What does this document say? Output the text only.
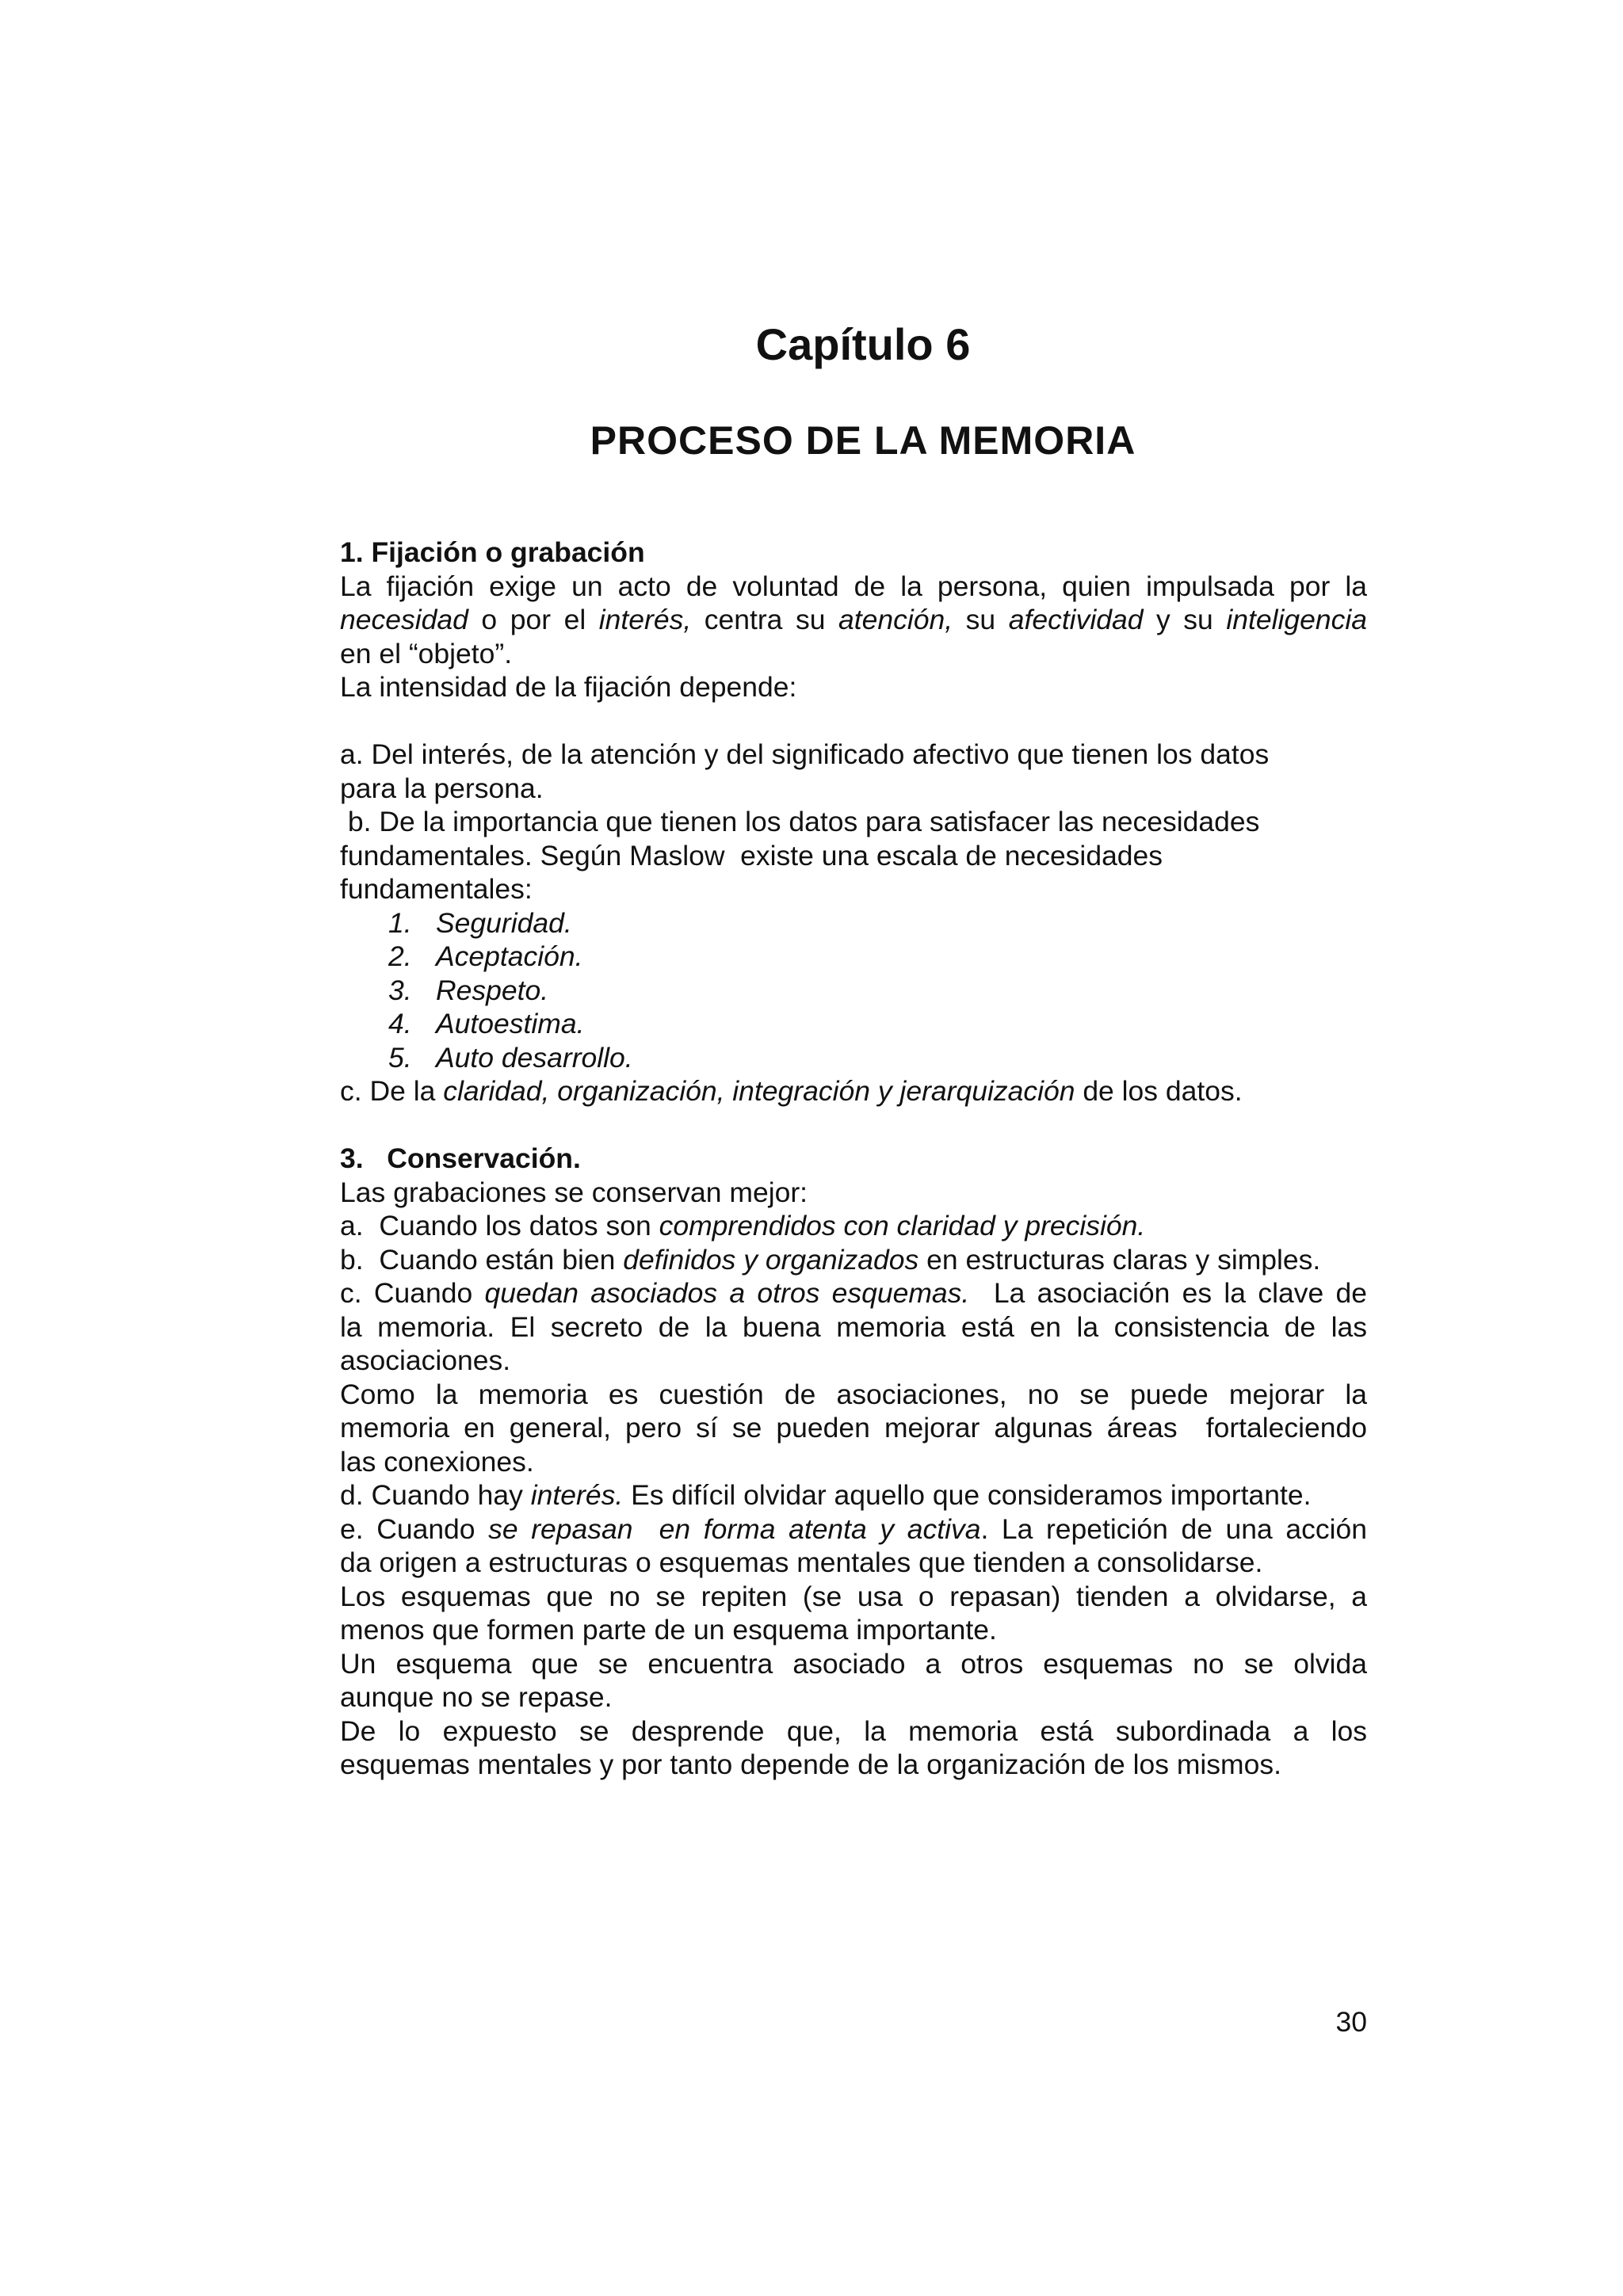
Capítulo 6
PROCESO DE LA MEMORIA
1. Fijación o grabación
La fijación exige un acto de voluntad de la persona, quien impulsada por la
necesidad o por el interés, centra su atención, su afectividad y su inteligencia
en el “objeto”.
La intensidad de la fijación depende:
a. Del interés, de la atención y del significado afectivo que tienen los datos
para la persona.
b. De la importancia que tienen los datos para satisfacer las necesidades
fundamentales. Según Maslow  existe una escala de necesidades
fundamentales:
1. Seguridad.
2. Aceptación.
3. Respeto.
4. Autoestima.
5. Auto desarrollo.
c. De la claridad, organización, integración y jerarquización de los datos.
3.   Conservación.
Las grabaciones se conservan mejor:
a.  Cuando los datos son comprendidos con claridad y precisión.
b.  Cuando están bien definidos y organizados en estructuras claras y simples.
c. Cuando quedan asociados a otros esquemas.  La asociación es la clave de
la memoria. El secreto de la buena memoria está en la consistencia de las
asociaciones.
Como la memoria es cuestión de asociaciones, no se puede mejorar la
memoria en general, pero sí se pueden mejorar algunas áreas  fortaleciendo
las conexiones.
d. Cuando hay interés. Es difícil olvidar aquello que consideramos importante.
e. Cuando se repasan  en forma atenta y activa. La repetición de una acción
da origen a estructuras o esquemas mentales que tienden a consolidarse.
Los esquemas que no se repiten (se usa o repasan) tienden a olvidarse, a
menos que formen parte de un esquema importante.
Un esquema que se encuentra asociado a otros esquemas no se olvida
aunque no se repase.
De lo expuesto se desprende que, la memoria está subordinada a los
esquemas mentales y por tanto depende de la organización de los mismos.
30
